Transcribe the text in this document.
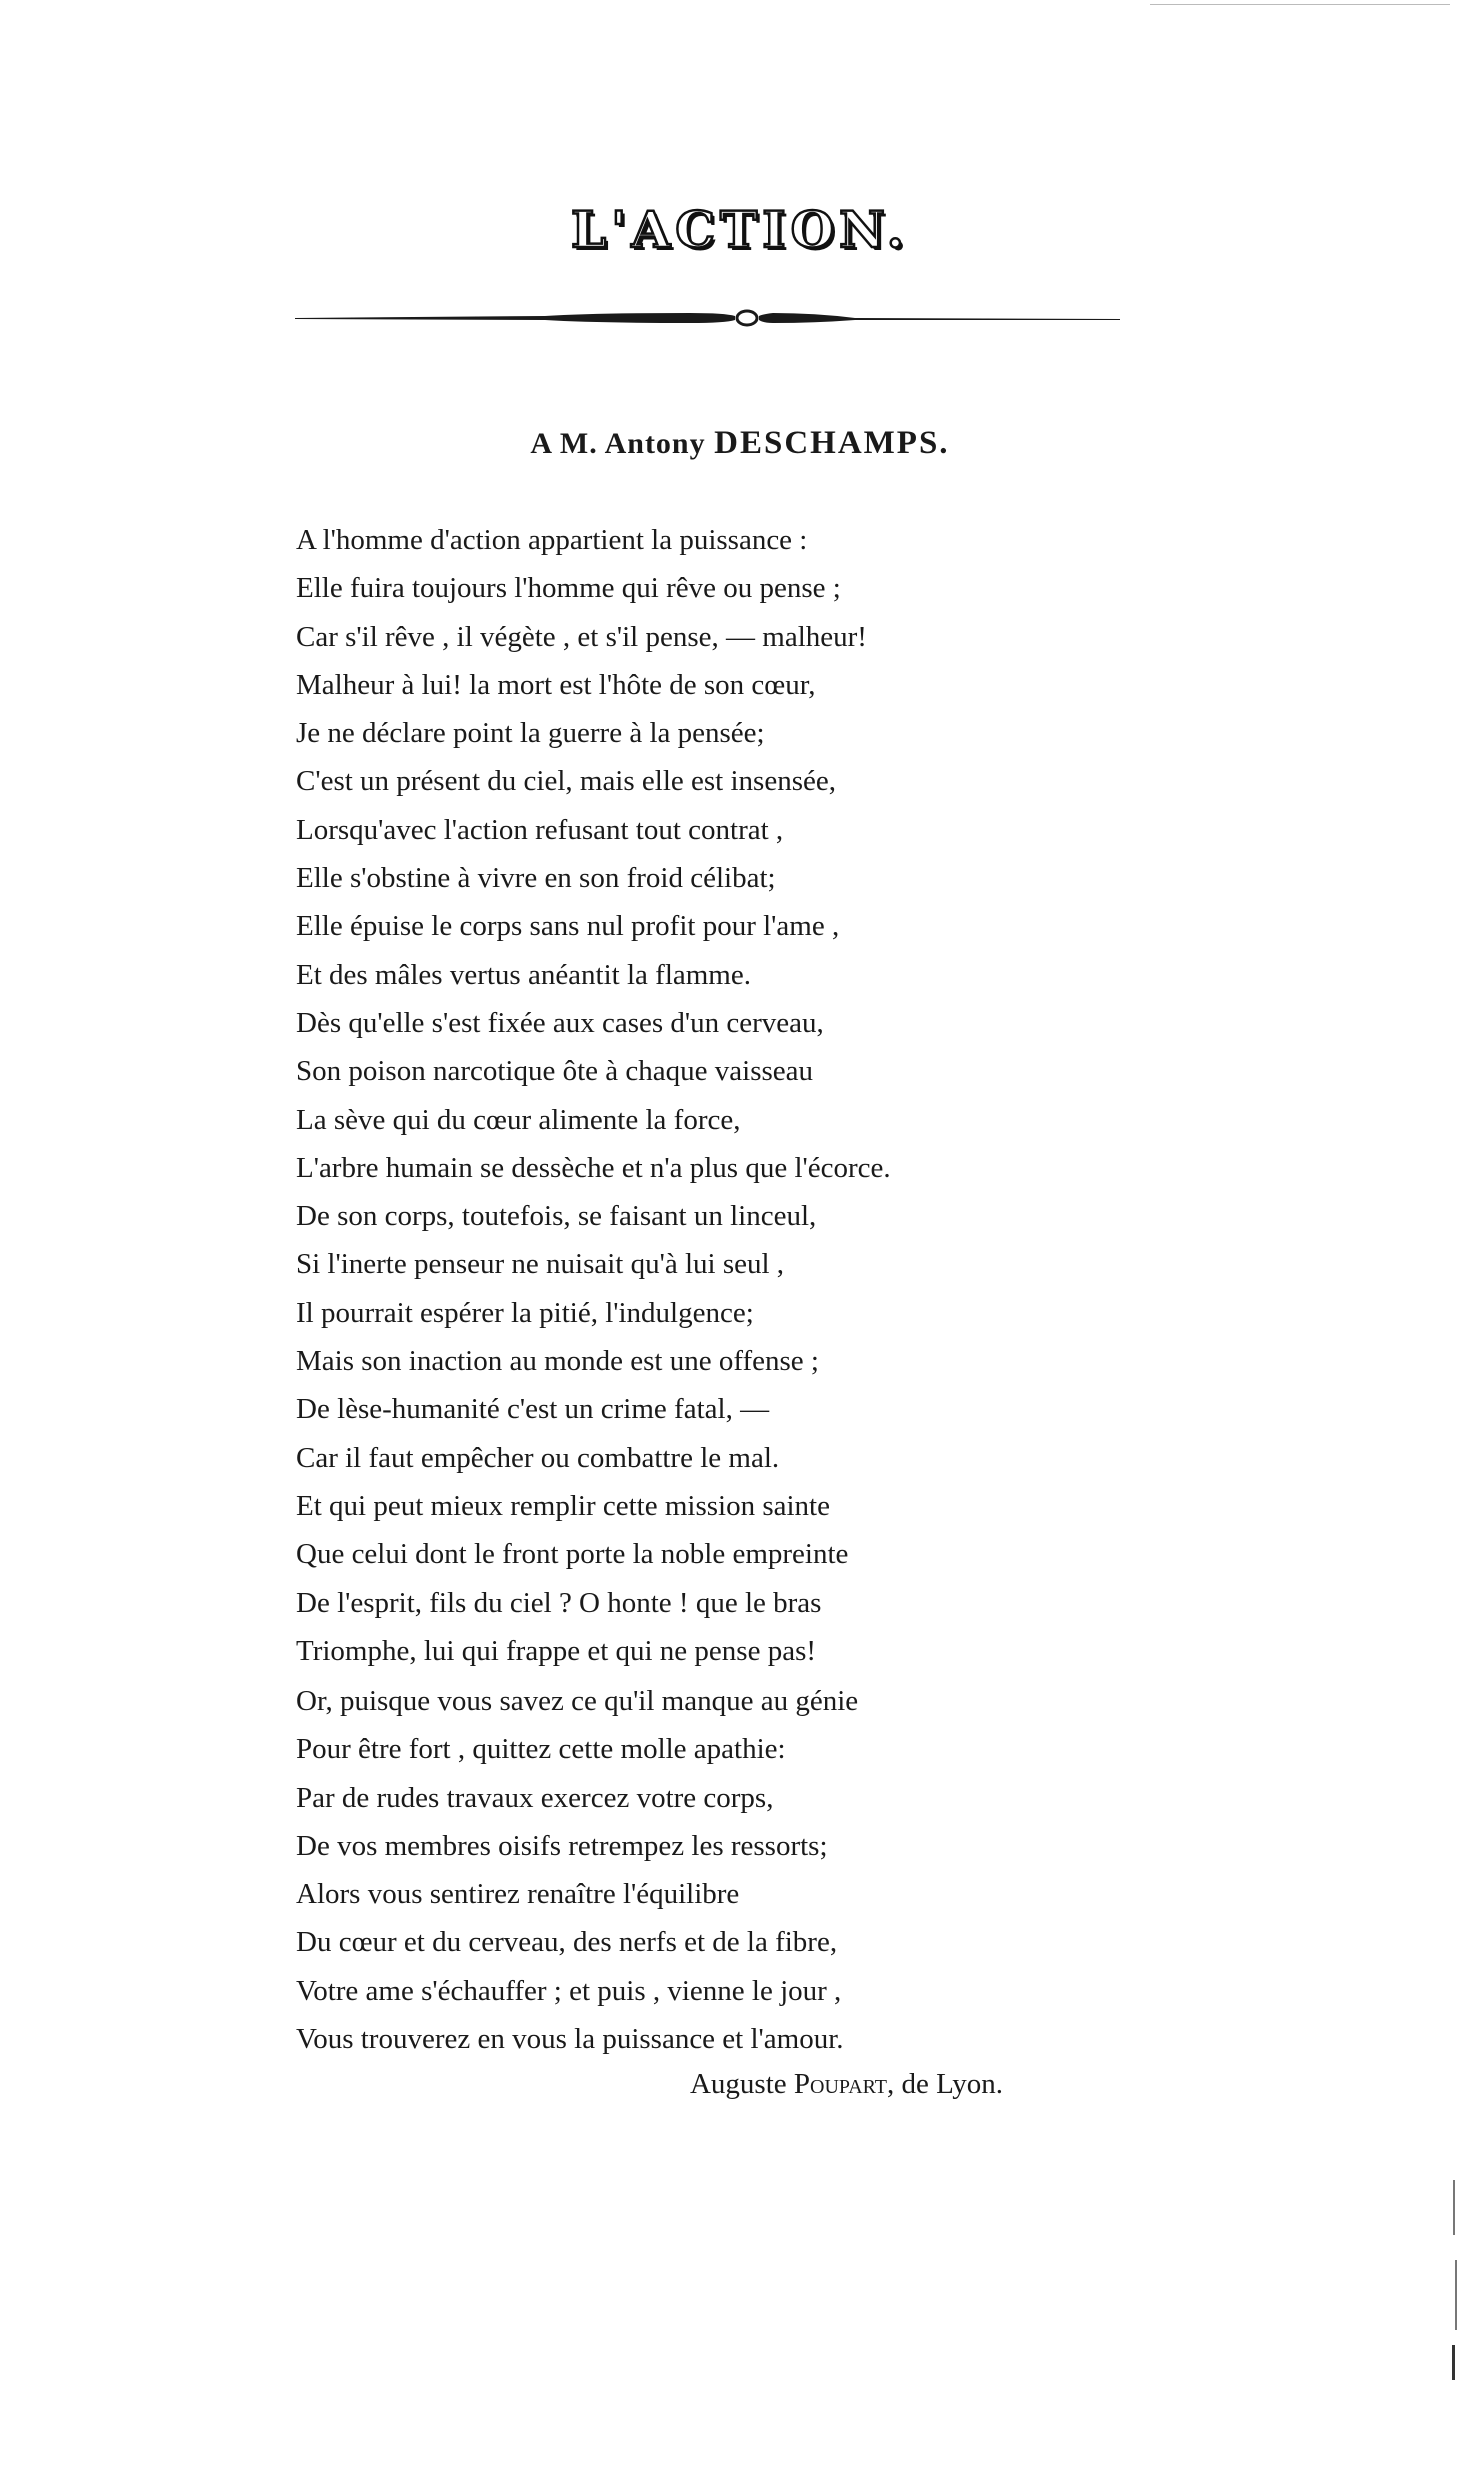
L'ACTION.
A M. Antony DESCHAMPS.
A l'homme d'action appartient la puissance :
Elle fuira toujours l'homme qui rêve ou pense ;
Car s'il rêve , il végète , et s'il pense, — malheur!
Malheur à lui! la mort est l'hôte de son cœur,
Je ne déclare point la guerre à la pensée;
C'est un présent du ciel, mais elle est insensée,
Lorsqu'avec l'action refusant tout contrat ,
Elle s'obstine à vivre en son froid célibat;
Elle épuise le corps sans nul profit pour l'ame ,
Et des mâles vertus anéantit la flamme.
Dès qu'elle s'est fixée aux cases d'un cerveau,
Son poison narcotique ôte à chaque vaisseau
La sève qui du cœur alimente la force,
L'arbre humain se dessèche et n'a plus que l'écorce.
De son corps, toutefois, se faisant un linceul,
Si l'inerte penseur ne nuisait qu'à lui seul ,
Il pourrait espérer la pitié, l'indulgence;
Mais son inaction au monde est une offense ;
De lèse-humanité c'est un crime fatal, —
Car il faut empêcher ou combattre le mal.
Et qui peut mieux remplir cette mission sainte
Que celui dont le front porte la noble empreinte
De l'esprit, fils du ciel ? O honte ! que le bras
Triomphe, lui qui frappe et qui ne pense pas!
Or, puisque vous savez ce qu'il manque au génie
Pour être fort , quittez cette molle apathie:
Par de rudes travaux exercez votre corps,
De vos membres oisifs retrempez les ressorts;
Alors vous sentirez renaître l'équilibre
Du cœur et du cerveau, des nerfs et de la fibre,
Votre ame s'échauffer ; et puis , vienne le jour ,
Vous trouverez en vous la puissance et l'amour.
Auguste Poupart, de Lyon.
